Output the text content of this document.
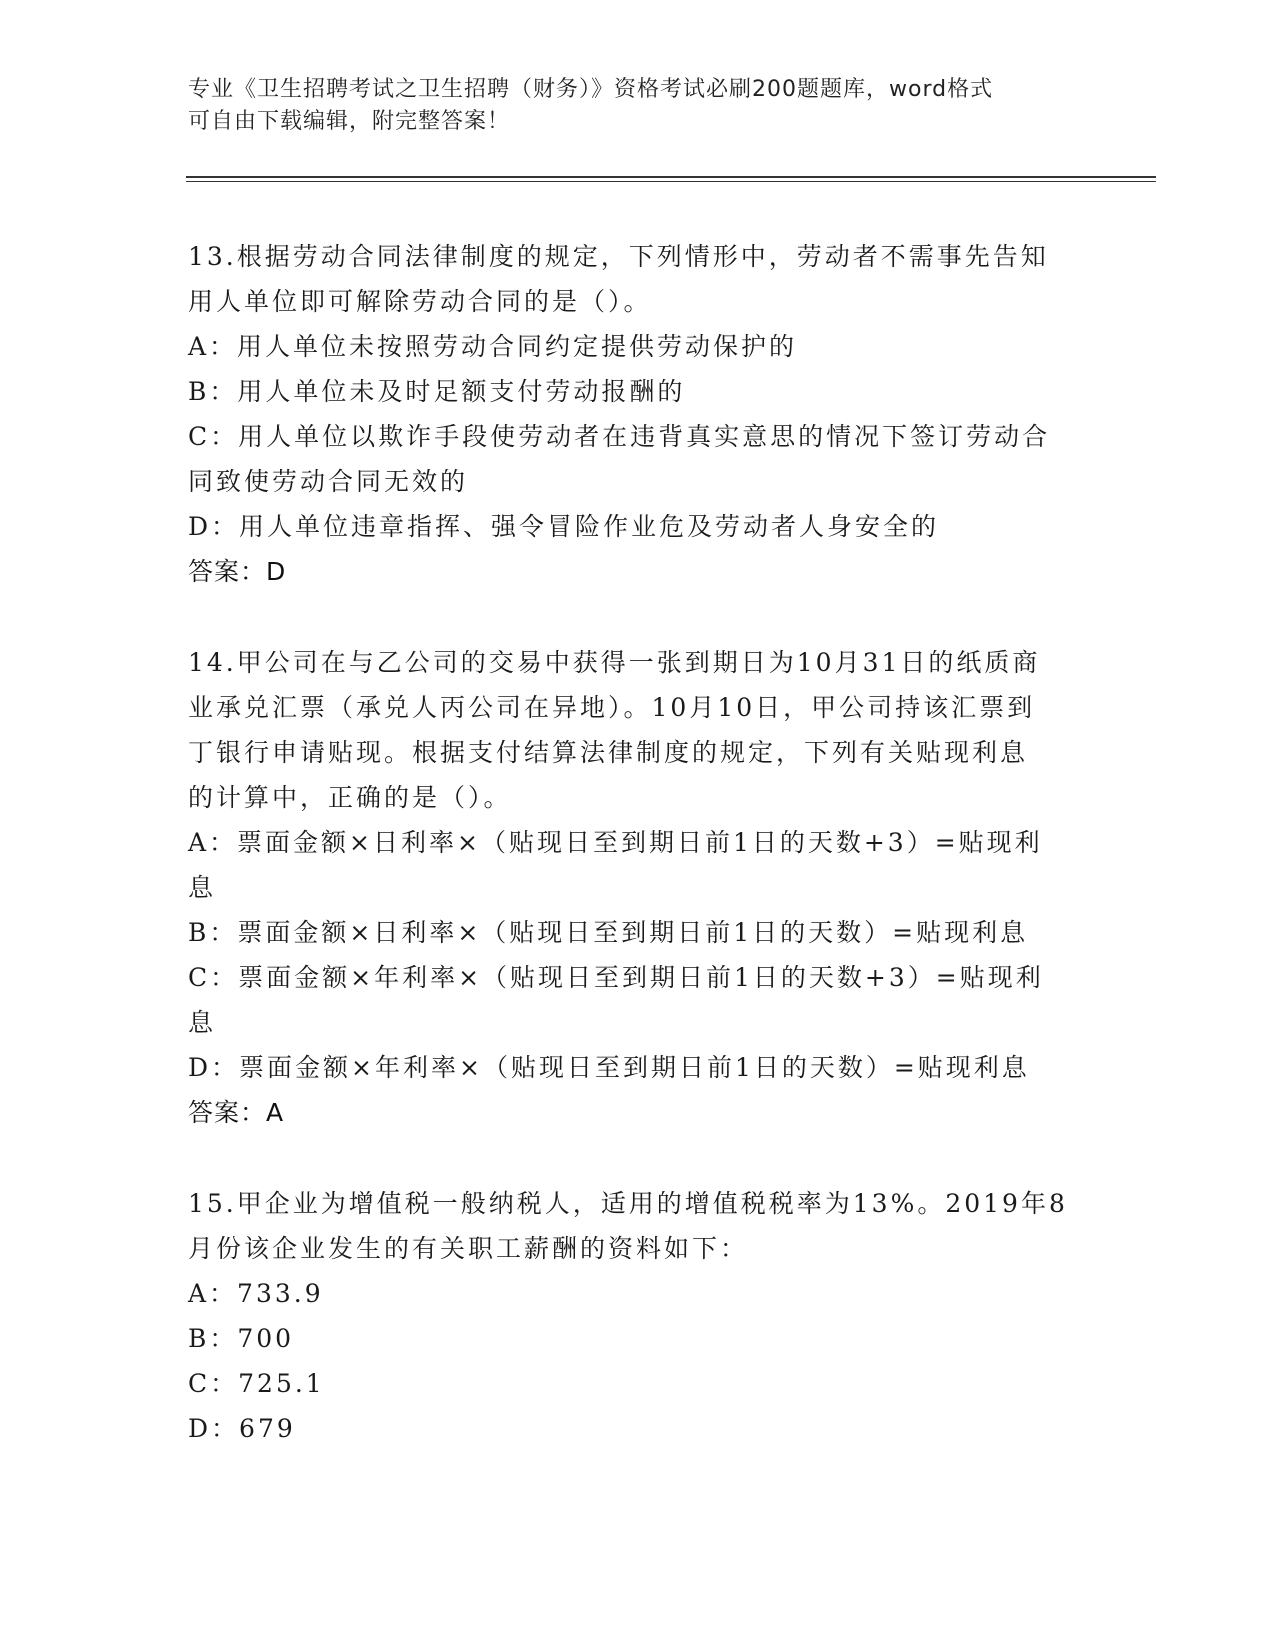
专业《卫生招聘考试之卫生招聘（财务）》资格考试必刷200题题库，word格式
可自由下载编辑，附完整答案！
13.根据劳动合同法律制度的规定，下列情形中，劳动者不需事先告知
用人单位即可解除劳动合同的是（）。
A：用人单位未按照劳动合同约定提供劳动保护的
B：用人单位未及时足额支付劳动报酬的
C：用人单位以欺诈手段使劳动者在违背真实意思的情况下签订劳动合
同致使劳动合同无效的
D：用人单位违章指挥、强令冒险作业危及劳动者人身安全的
答案：D
14.甲公司在与乙公司的交易中获得一张到期日为10月31日的纸质商
业承兑汇票（承兑人丙公司在异地）。10月10日，甲公司持该汇票到
丁银行申请贴现。根据支付结算法律制度的规定，下列有关贴现利息
的计算中，正确的是（）。
A：票面金额×日利率×（贴现日至到期日前1日的天数+3）=贴现利
息
B：票面金额×日利率×（贴现日至到期日前1日的天数）=贴现利息
C：票面金额×年利率×（贴现日至到期日前1日的天数+3）=贴现利
息
D：票面金额×年利率×（贴现日至到期日前1日的天数）=贴现利息
答案：A
15.甲企业为增值税一般纳税人，适用的增值税税率为13%。2019年8
月份该企业发生的有关职工薪酬的资料如下：
A：733.9
B：700
C：725.1
D：679
